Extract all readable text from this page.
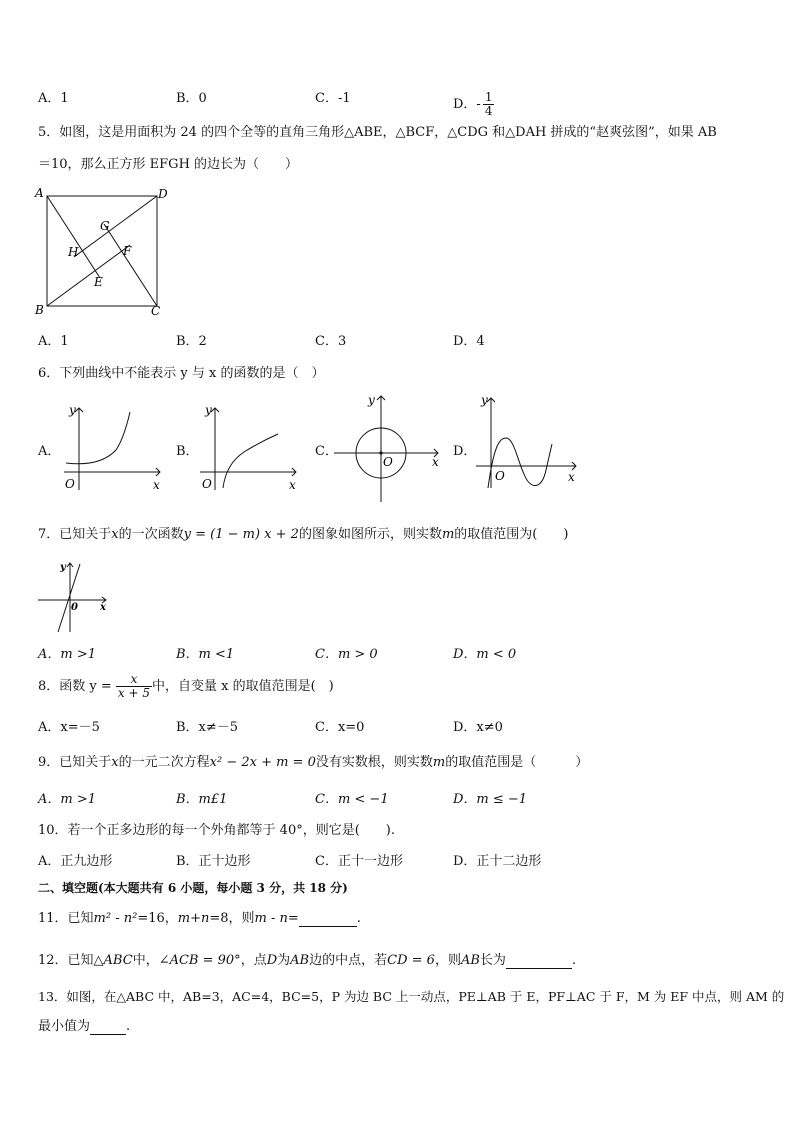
A．1	B．0	C．-1	D．- $\frac{1}{4}$
5．如图，这是用面积为 24 的四个全等的直角三角形△ABE，△BCF，△CDG 和△DAH 拼成的“赵爽弦图”，如果 AB
＝10，那么正方形 EFGH 的边长为（　　）
A	D
B	C
G
H	F
E
A．1	B．2	C．3	D．4
6．下列曲线中不能表示 y 与 x 的函数的是（　）
A．
y
x
O
B．
y
x
O
C．
y
x
O
D．
y
x
O
7．已知关于x的一次函数y = (1 − m) x + 2的图象如图所示，则实数m的取值范围为(　　)
y
x
0
A．m >1	B．m <1	C．m > 0	D．m < 0
8．函数 $y = \frac{x}{x + 5}$ 中，自变量 x 的取值范围是(　)
A．x=－5	B．x≠－5	C．x=0	D．x≠0
9．已知关于x的一元二次方程x² − 2x + m = 0没有实数根，则实数m的取值范围是（　　　）
A．m >1	B．m£1	C．m < −1	D．m ≤ −1
10．若一个正多边形的每一个外角都等于 40°，则它是(　　).
A．正九边形	B．正十边形	C．正十一边形	D．正十二边形
二、填空题(本大题共有 6 小题，每小题 3 分，共 18 分)
11．已知m² - n²=16，m+n=8，则m - n=	.
12．已知△ABC中，∠ACB = 90°，点D为AB边的中点，若CD = 6，则AB长为	.
13．如图，在△ABC 中，AB=3，AC=4，BC=5，P 为边 BC 上一动点，PE⊥AB 于 E，PF⊥AC 于 F，M 为 EF 中点，则 AM 的
最小值为	.
